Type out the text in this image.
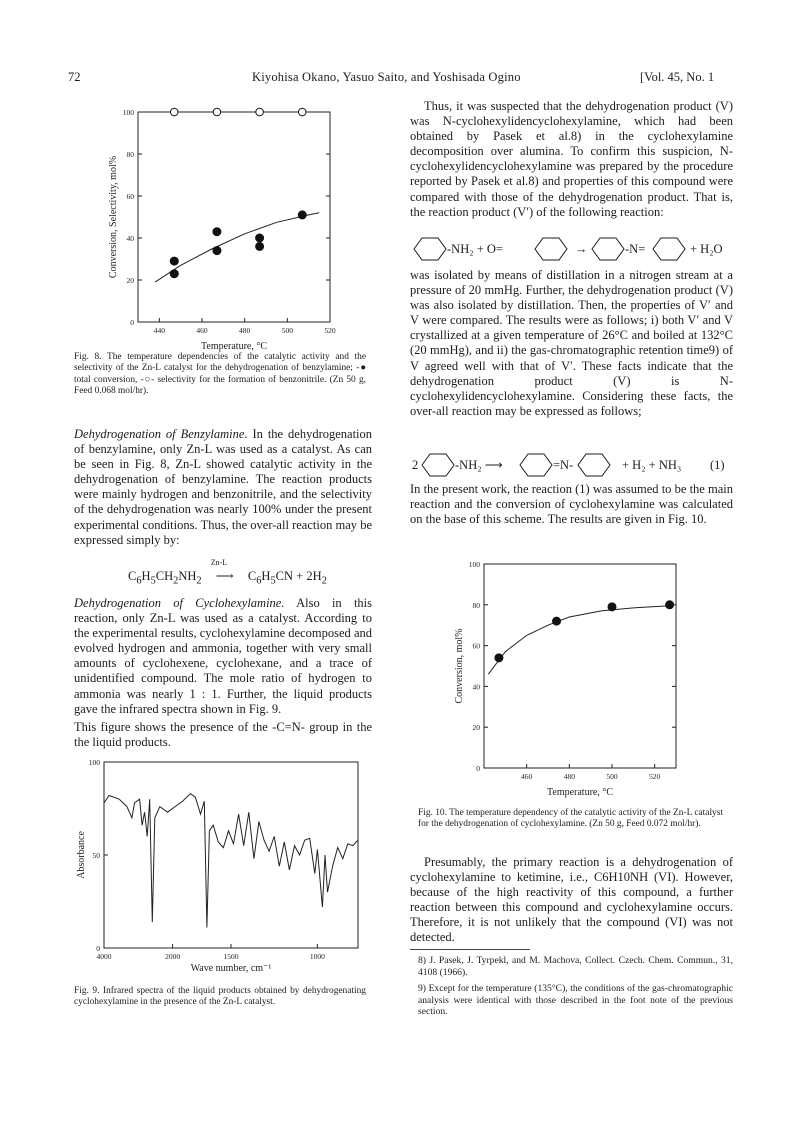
72	Kiyohisa Okano, Yasuo Saito, and Yoshisada Ogino	[Vol. 45, No. 1
440	460	480	500	520
0
20
40
60
80
100
Temperature, °C
Conversion, Selectivity, mol%
Fig. 8. The temperature dependencies of the catalytic activity and the selectivity of the Zn-L catalyst for the dehydrogenation of benzylamine; -● total conversion, -○- selectivity for the formation of benzonitrile. (Zn 50 g, Feed 0.068 mol/hr).

Dehydrogenation of Benzylamine. In the dehydrogenation of benzylamine, only Zn-L was used as a catalyst. As can be seen in Fig. 8, Zn-L showed catalytic activity in the dehydrogenation of benzylamine. The reaction products were mainly hydrogen and benzonitrile, and the selectivity of the dehydrogenation was nearly 100% under the present experimental conditions. Thus, the over-all reaction may be expressed simply by:

$C_6H_5CH_2NH_2$
Zn-L
⟶ $C_6H_5CN + 2H_2$

Dehydrogenation of Cyclohexylamine. Also in this reaction, only Zn-L was used as a catalyst. According to the experimental results, cyclohexylamine decomposed and evolved hydrogen and ammonia, together with very small amounts of cyclohexene, cyclohexane, and a trace of unidentified compound. The mole ratio of hydrogen to ammonia was nearly 1 : 1. Further, the liquid products gave the infrared spectra shown in Fig. 9.

This figure shows the presence of the -C=N- group in the the liquid products.

4000	2000	1500	1000
0
50
100
Wave number, cm⁻¹
Absorbance
Fig. 9. Infrared spectra of the liquid products obtained by dehydrogenating cyclohexylamine in the presence of the Zn-L catalyst.

Thus, it was suspected that the dehydrogenation product (V) was N-cyclohexylidencyclohexylamine, which had been obtained by Pasek et al.8) in the cyclohexylamine decomposition over alumina. To confirm this suspicion, N-cyclohexylidencyclohexylamine was prepared by the procedure reported by Pasek et al.8) and properties of this compound were compared with those of the dehydrogenation product. That is, the reaction product (V′) of the following reaction:

-NH₂ + O=	→	-N=	+ H₂O

was isolated by means of distillation in a nitrogen stream at a pressure of 20 mmHg. Further, the dehydrogenation product (V) was also isolated by distillation. Then, the properties of V′ and V were compared. The results were as follows; i) both V′ and V crystallized at a given temperature of 26°C and boiled at 132°C (20 mmHg), and ii) the gas-chromatographic retention time9) of V agreed well with that of V′. These facts indicate that the dehydrogenation product (V) is N-cyclohexylidencyclohexylamine. Considering these facts, the over-all reaction may be expressed as follows;

2	-NH₂ ⟶	=N-	+ H₂ + NH₃ (1)

In the present work, the reaction (1) was assumed to be the main reaction and the conversion of cyclohexylamine was calculated on the base of this scheme. The results are given in Fig. 10.

460	480	500	520
0
20
40
60
80
100
Temperature, °C
Conversion, mol%
Fig. 10. The temperature dependency of the catalytic activity of the Zn-L catalyst for the dehydrogenation of cyclohexylamine. (Zn 50 g, Feed 0.072 mol/hr).

Presumably, the primary reaction is a dehydrogenation of cyclohexylamine to ketimine, i.e., C6H10NH (VI). However, because of the high reactivity of this compound, a further reaction between this compound and cyclohexylamine occurs. Therefore, it is not unlikely that the compound (VI) was not detected.

8) J. Pasek, J. Tyrpekl, and M. Machova, Collect. Czech. Chem. Commun., 31, 4108 (1966).
9) Except for the temperature (135°C), the conditions of the gas-chromatographic analysis were identical with those described in the foot note of the previous section.
